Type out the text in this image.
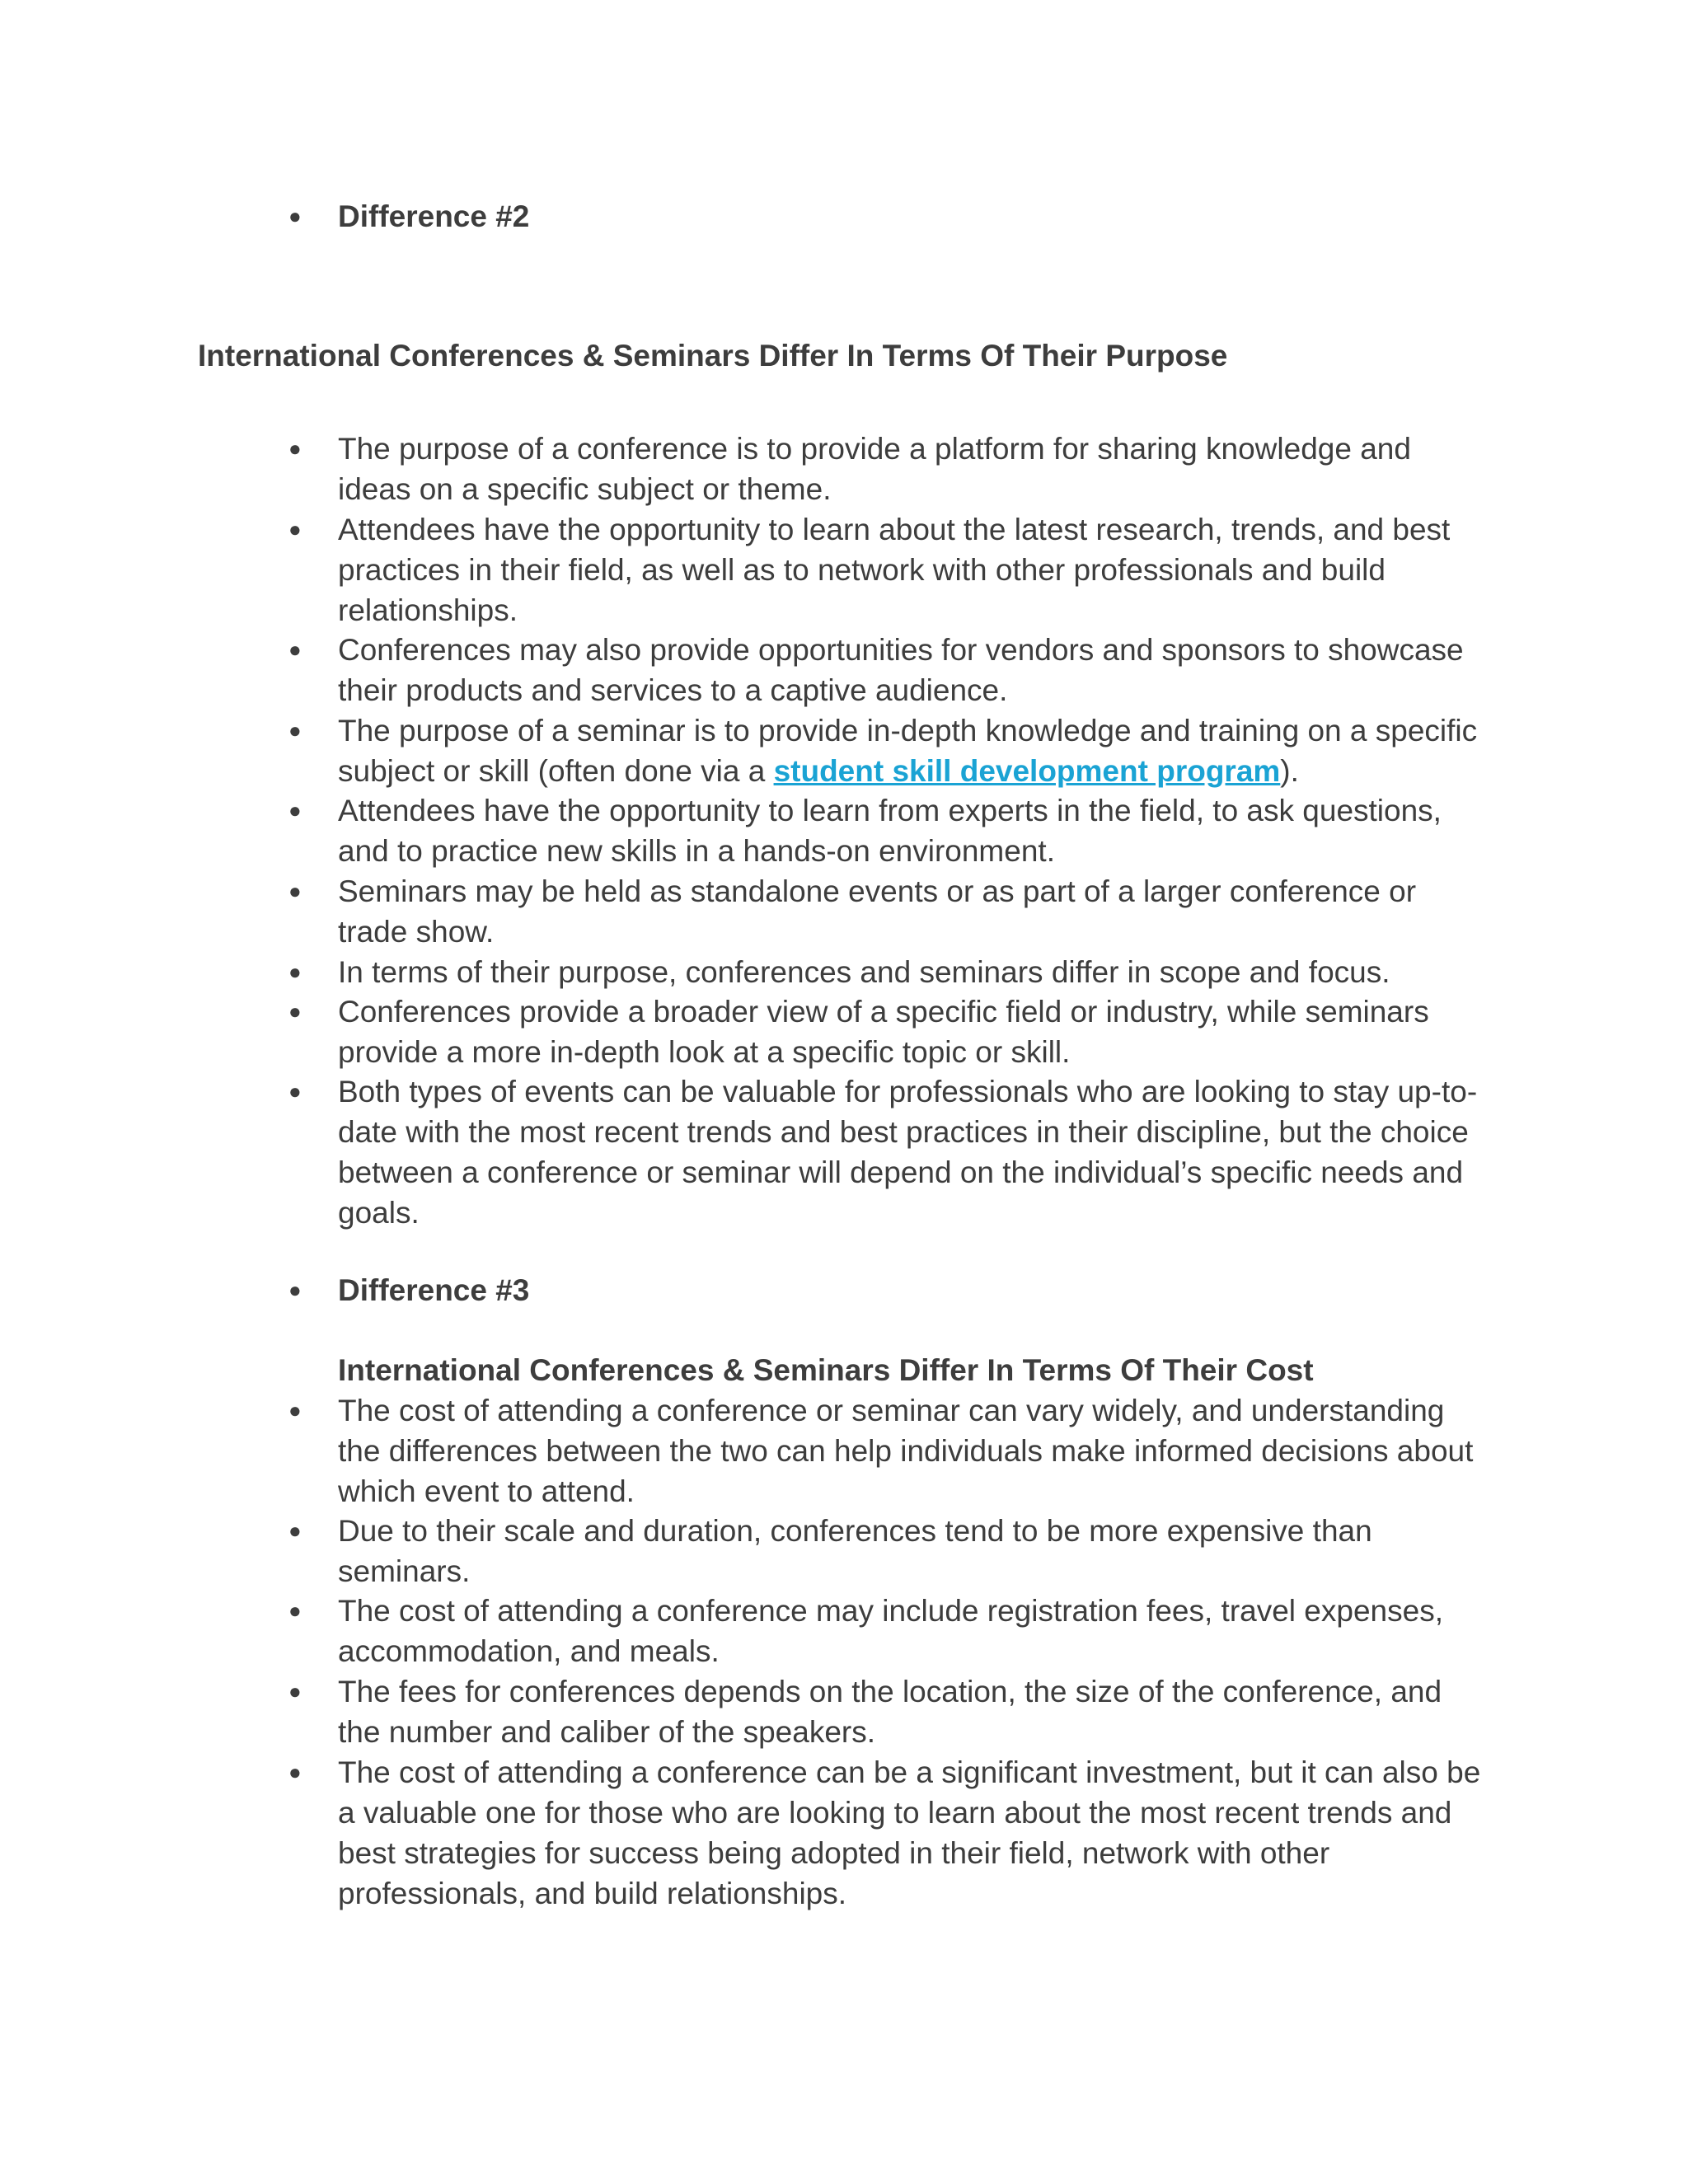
● Difference #2
International Conferences & Seminars Differ In Terms Of Their Purpose
● The purpose of a conference is to provide a platform for sharing knowledge and ideas on a specific subject or theme.
● Attendees have the opportunity to learn about the latest research, trends, and best practices in their field, as well as to network with other professionals and build relationships.
● Conferences may also provide opportunities for vendors and sponsors to showcase their products and services to a captive audience.
● The purpose of a seminar is to provide in-depth knowledge and training on a specific subject or skill (often done via a student skill development program).
● Attendees have the opportunity to learn from experts in the field, to ask questions, and to practice new skills in a hands-on environment.
● Seminars may be held as standalone events or as part of a larger conference or trade show.
● In terms of their purpose, conferences and seminars differ in scope and focus.
● Conferences provide a broader view of a specific field or industry, while seminars provide a more in-depth look at a specific topic or skill.
● Both types of events can be valuable for professionals who are looking to stay up-to-date with the most recent trends and best practices in their discipline, but the choice between a conference or seminar will depend on the individual’s specific needs and goals.
● Difference #3
International Conferences & Seminars Differ In Terms Of Their Cost
● The cost of attending a conference or seminar can vary widely, and understanding the differences between the two can help individuals make informed decisions about which event to attend.
● Due to their scale and duration, conferences tend to be more expensive than seminars.
● The cost of attending a conference may include registration fees, travel expenses, accommodation, and meals.
● The fees for conferences depends on the location, the size of the conference, and the number and caliber of the speakers.
● The cost of attending a conference can be a significant investment, but it can also be a valuable one for those who are looking to learn about the most recent trends and best strategies for success being adopted in their field, network with other professionals, and build relationships.
